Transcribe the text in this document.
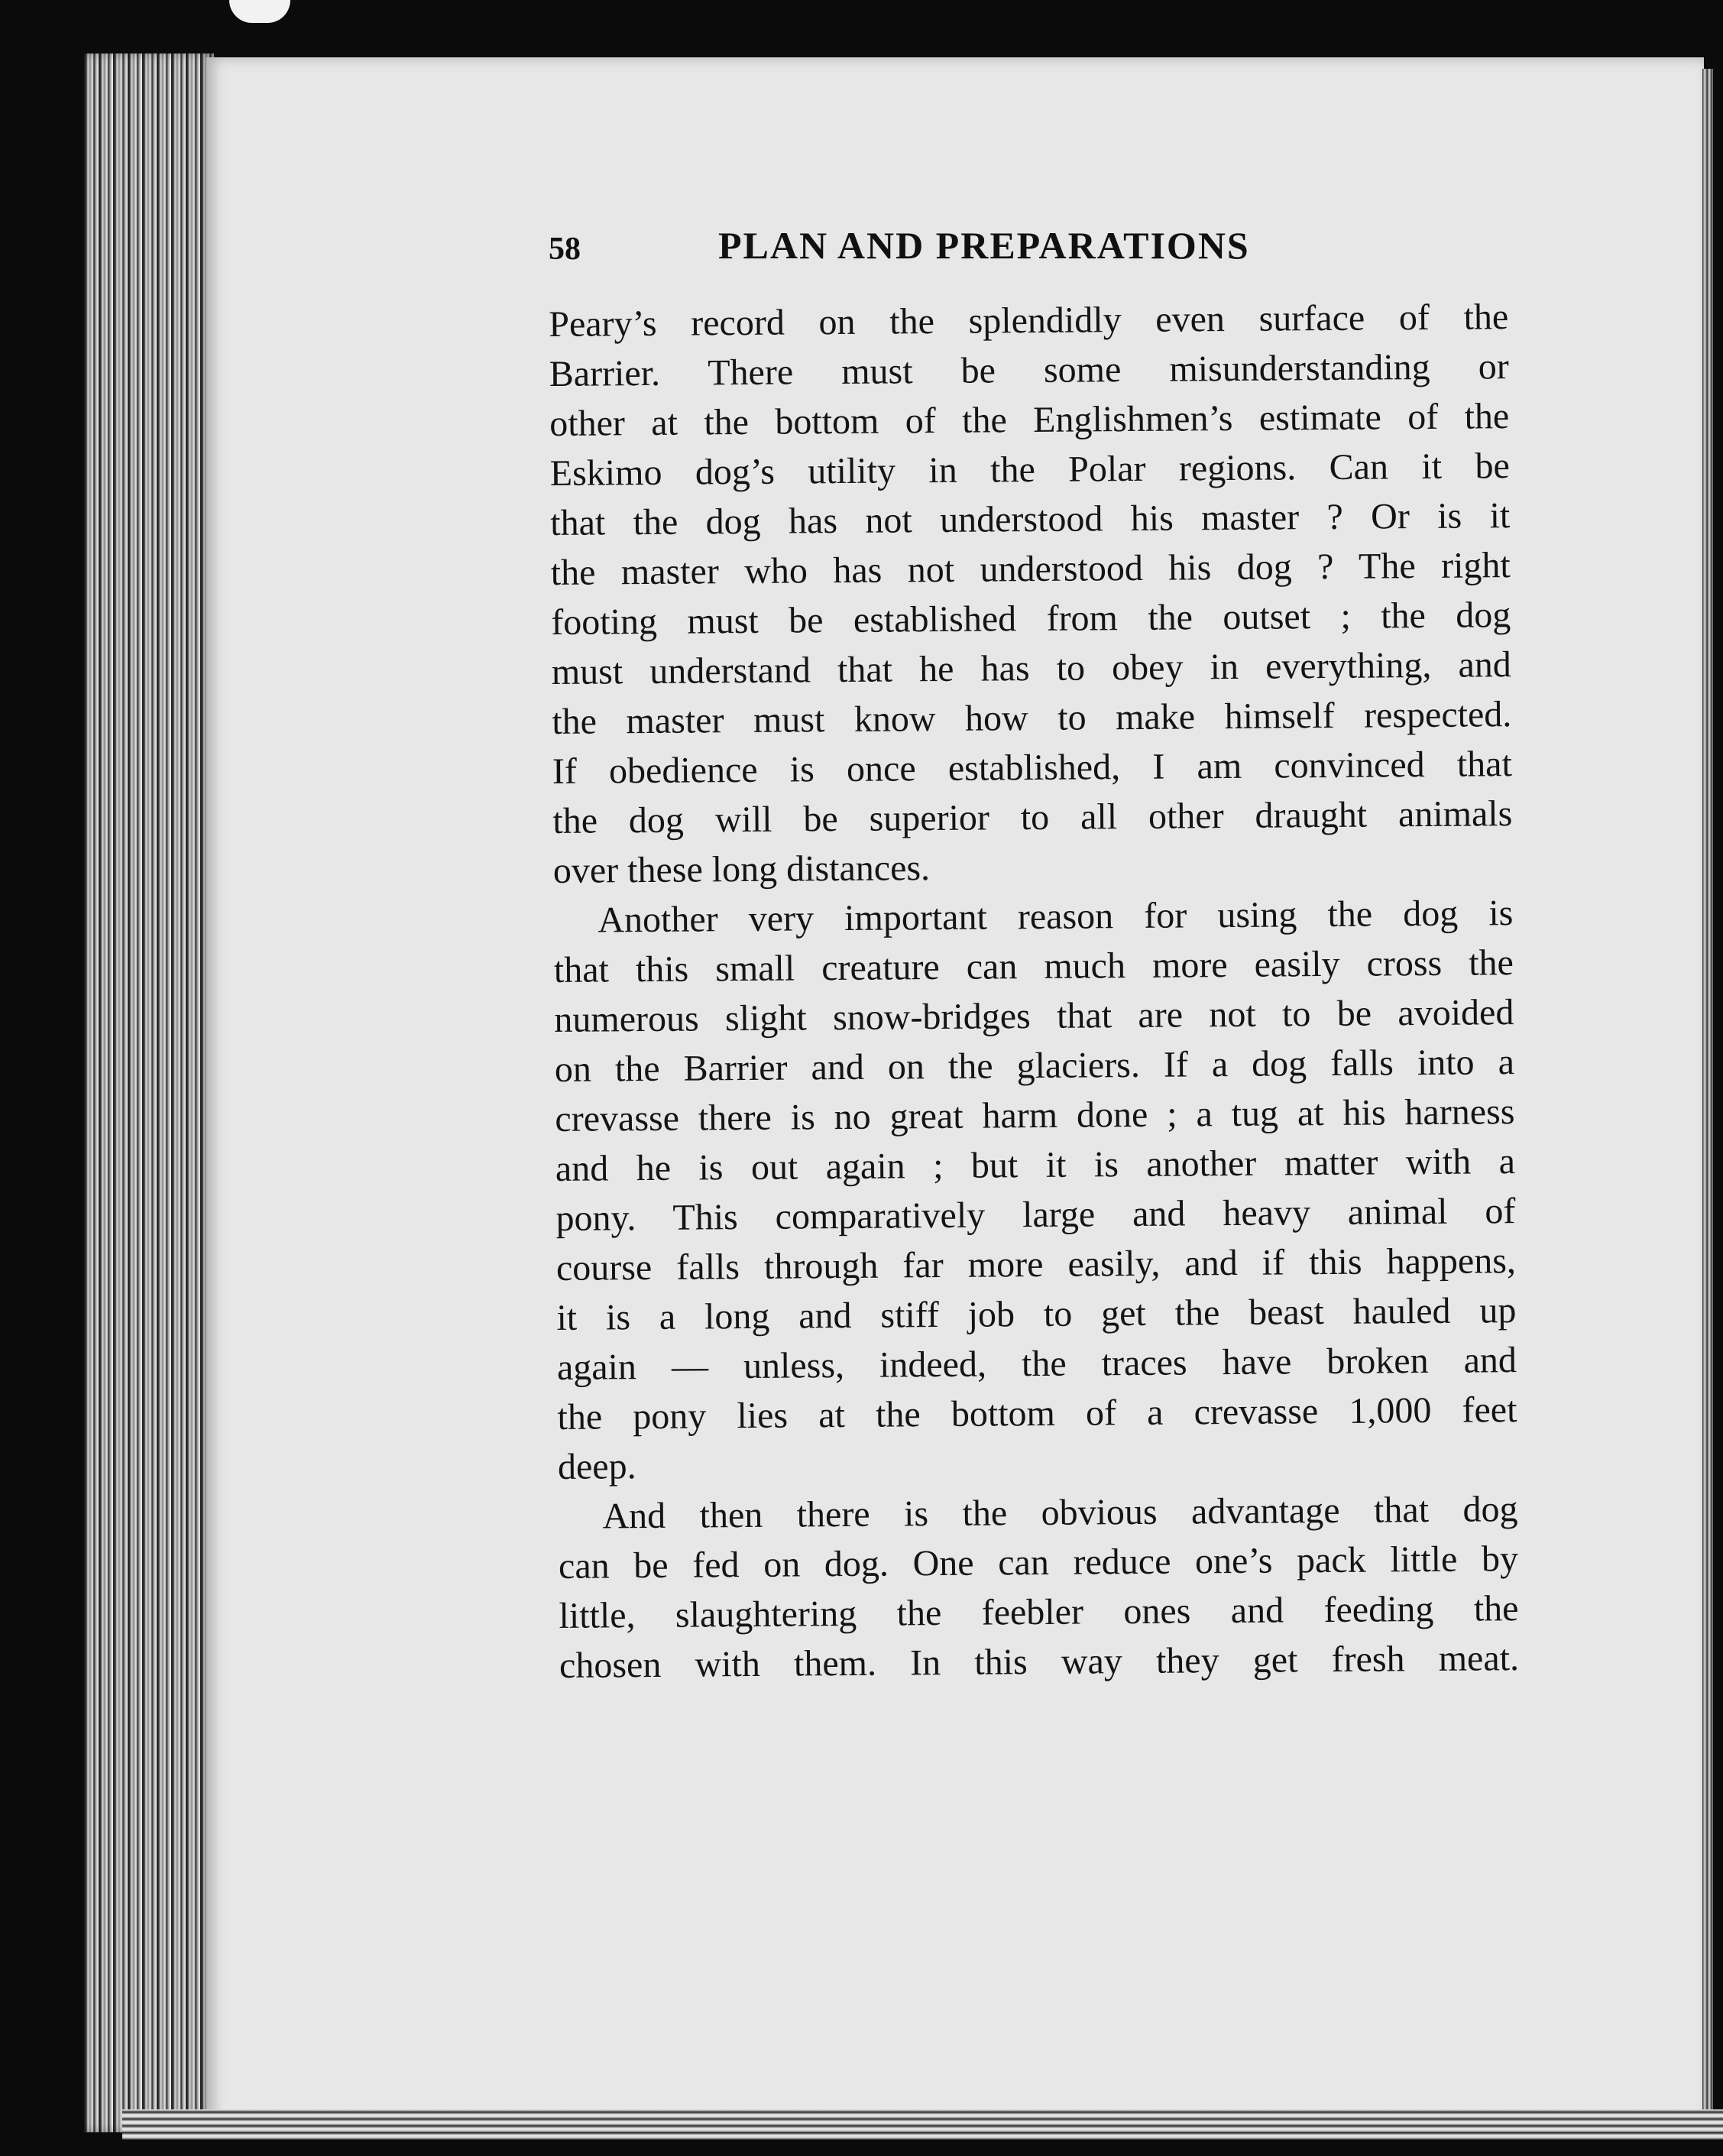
58	PLAN AND PREPARATIONS
Peary’s record on the splendidly even surface of the
Barrier. There must be some misunderstanding or
other at the bottom of the Englishmen’s estimate of the
Eskimo dog’s utility in the Polar regions. Can it be
that the dog has not understood his master ? Or is it
the master who has not understood his dog ? The right
footing must be established from the outset ; the dog
must understand that he has to obey in everything, and
the master must know how to make himself respected.
If obedience is once established, I am convinced that
the dog will be superior to all other draught animals
over these long distances.
Another very important reason for using the dog is
that this small creature can much more easily cross the
numerous slight snow-bridges that are not to be avoided
on the Barrier and on the glaciers. If a dog falls into a
crevasse there is no great harm done ; a tug at his harness
and he is out again ; but it is another matter with a
pony. This comparatively large and heavy animal of
course falls through far more easily, and if this happens,
it is a long and stiff job to get the beast hauled up
again — unless, indeed, the traces have broken and
the pony lies at the bottom of a crevasse 1,000 feet
deep.
And then there is the obvious advantage that dog
can be fed on dog. One can reduce one’s pack little by
little, slaughtering the feebler ones and feeding the
chosen with them. In this way they get fresh meat.
